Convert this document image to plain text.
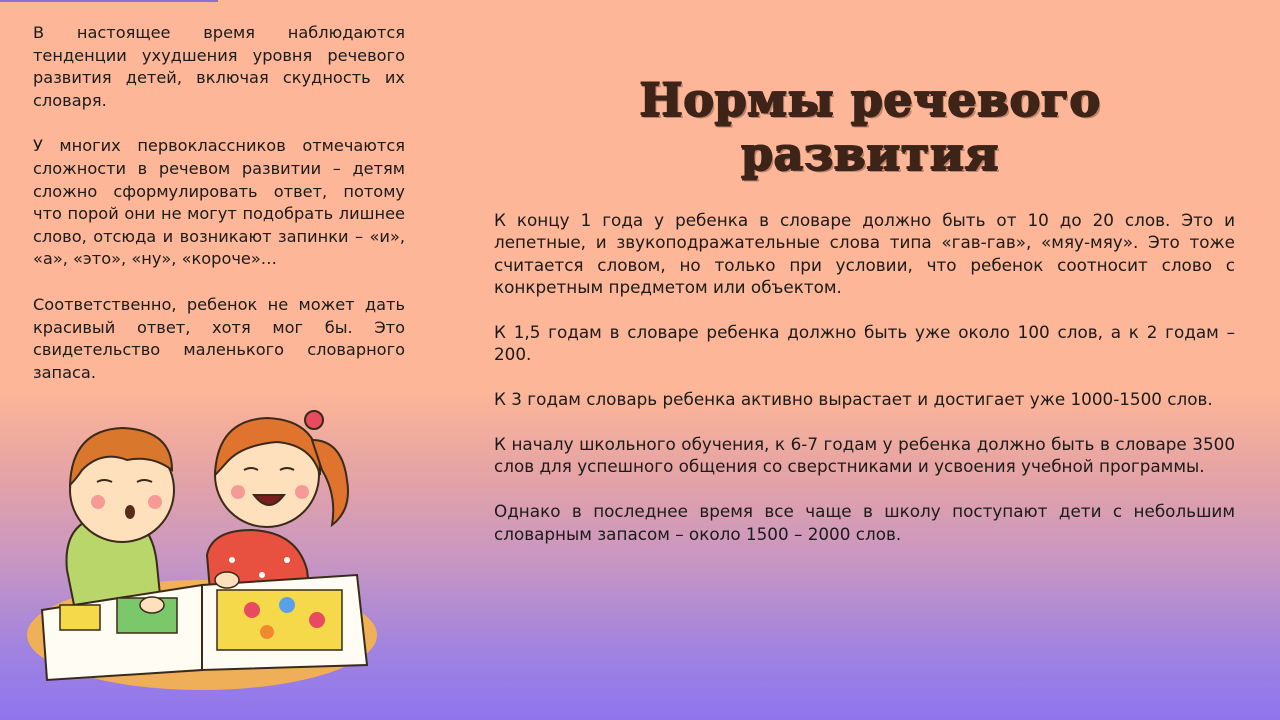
В настоящее время наблюдаются тенденции ухудшения уровня речевого развития детей, включая скудность их словаря.

У многих первоклассников отмечаются сложности в речевом развитии – детям сложно сформулировать ответ, потому что порой они не могут подобрать лишнее слово, отсюда и возникают запинки – «и», «а», «это», «ну», «короче»…

Соответственно, ребенок не может дать красивый ответ, хотя мог бы. Это свидетельство маленького словарного запаса.

Нормы речевого развития

К концу 1 года у ребенка в словаре должно быть от 10 до 20 слов. Это и лепетные, и звукоподражательные слова типа «гав-гав», «мяу-мяу». Это тоже считается словом, но только при условии, что ребенок соотносит слово с конкретным предметом или объектом.

К 1,5 годам в словаре ребенка должно быть уже около 100 слов, а к 2 годам – 200.

К 3 годам словарь ребенка активно вырастает и достигает уже 1000-1500 слов.

К началу школьного обучения, к 6-7 годам у ребенка должно быть в словаре 3500 слов для успешного общения со сверстниками и усвоения учебной программы.

Однако в последнее время все чаще в школу поступают дети с небольшим словарным запасом – около 1500 – 2000 слов.
